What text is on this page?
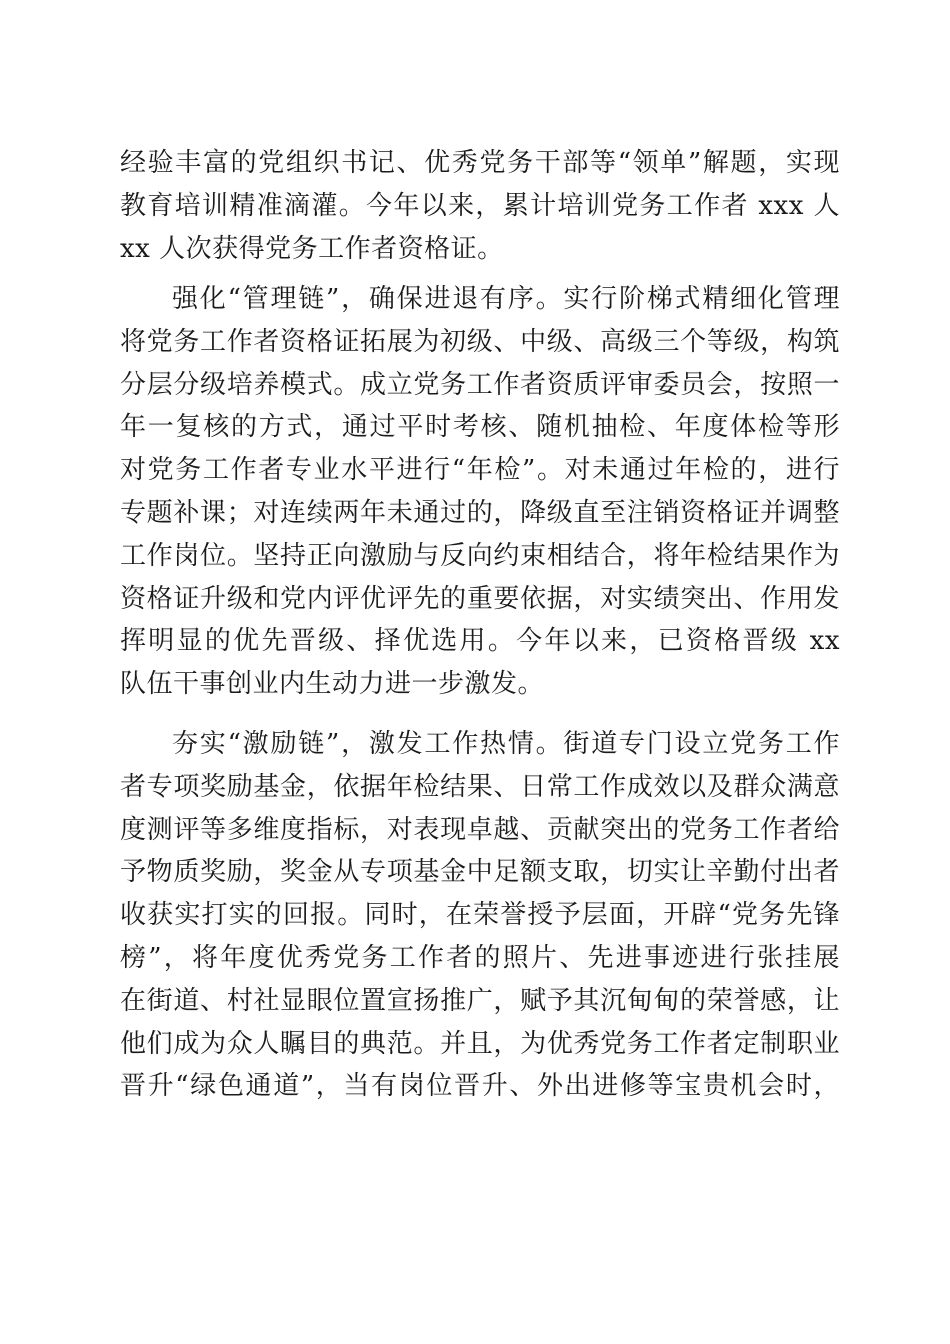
经验丰富的党组织书记、优秀党务干部等“领单”解题，实现
教育培训精准滴灌。今年以来，累计培训党务工作者 xxx 人
xx 人次获得党务工作者资格证。
强化“管理链”，确保进退有序。实行阶梯式精细化管理
将党务工作者资格证拓展为初级、中级、高级三个等级，构筑
分层分级培养模式。成立党务工作者资质评审委员会，按照一
年一复核的方式，通过平时考核、随机抽检、年度体检等形
对党务工作者专业水平进行“年检”。对未通过年检的，进行
专题补课；对连续两年未通过的，降级直至注销资格证并调整
工作岗位。坚持正向激励与反向约束相结合，将年检结果作为
资格证升级和党内评优评先的重要依据，对实绩突出、作用发
挥明显的优先晋级、择优选用。今年以来，已资格晋级 xx
队伍干事创业内生动力进一步激发。
夯实“激励链”，激发工作热情。街道专门设立党务工作
者专项奖励基金，依据年检结果、日常工作成效以及群众满意
度测评等多维度指标，对表现卓越、贡献突出的党务工作者给
予物质奖励，奖金从专项基金中足额支取，切实让辛勤付出者
收获实打实的回报。同时，在荣誉授予层面，开辟“党务先锋
榜”，将年度优秀党务工作者的照片、先进事迹进行张挂展
在街道、村社显眼位置宣扬推广，赋予其沉甸甸的荣誉感，让
他们成为众人瞩目的典范。并且，为优秀党务工作者定制职业
晋升“绿色通道”，当有岗位晋升、外出进修等宝贵机会时，
